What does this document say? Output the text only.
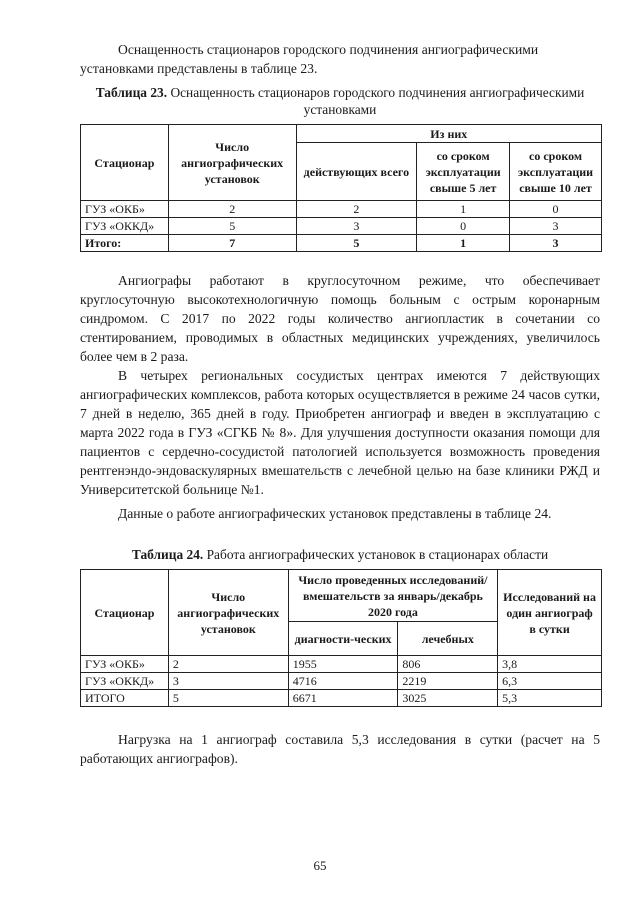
Оснащенность стационаров городского подчинения ангиографическими установками представлены в таблице 23.

Таблица 23. Оснащенность стационаров городского подчинения ангиографическими установками
Стационар	Число ангиографических установок	Из них		
		действующих всего	со сроком эксплуатации свыше 5 лет	со сроком эксплуатации свыше 10 лет
ГУЗ «ОКБ»	2	2	1	0
ГУЗ «ОККД»	5	3	0	3
Итого:	7	5	1	3

Ангиографы работают в круглосуточном режиме, что обеспечивает круглосуточную высокотехнологичную помощь больным с острым коронарным синдромом. С 2017 по 2022 годы количество ангиопластик в сочетании со стентированием, проводимых в областных медицинских учреждениях, увеличилось более чем в 2 раза.

В четырех региональных сосудистых центрах имеются 7 действующих ангиографических комплексов, работа которых осуществляется в режиме 24 часов сутки, 7 дней в неделю, 365 дней в году. Приобретен ангиограф и введен в эксплуатацию с марта 2022 года в ГУЗ «СГКБ № 8». Для улучшения доступности оказания помощи для пациентов с сердечно-сосудистой патологией используется возможность проведения рентгенэндо-эндоваскулярных вмешательств с лечебной целью на базе клиники РЖД и Университетской больнице №1.

Данные о работе ангиографических установок представлены в таблице 24.

Таблица 24. Работа ангиографических установок в стационарах области
Стационар	Число ангиографических установок	Число проведенных исследований/вмешательств за январь/декабрь 2020 года		Исследований на один ангиограф в сутки
		диагности-ческих	лечебных	
ГУЗ «ОКБ»	2	1955	806	3,8
ГУЗ «ОККД»	3	4716	2219	6,3
ИТОГО	5	6671	3025	5,3

Нагрузка на 1 ангиограф составила 5,3 исследования в сутки (расчет на 5 работающих ангиографов).

65
